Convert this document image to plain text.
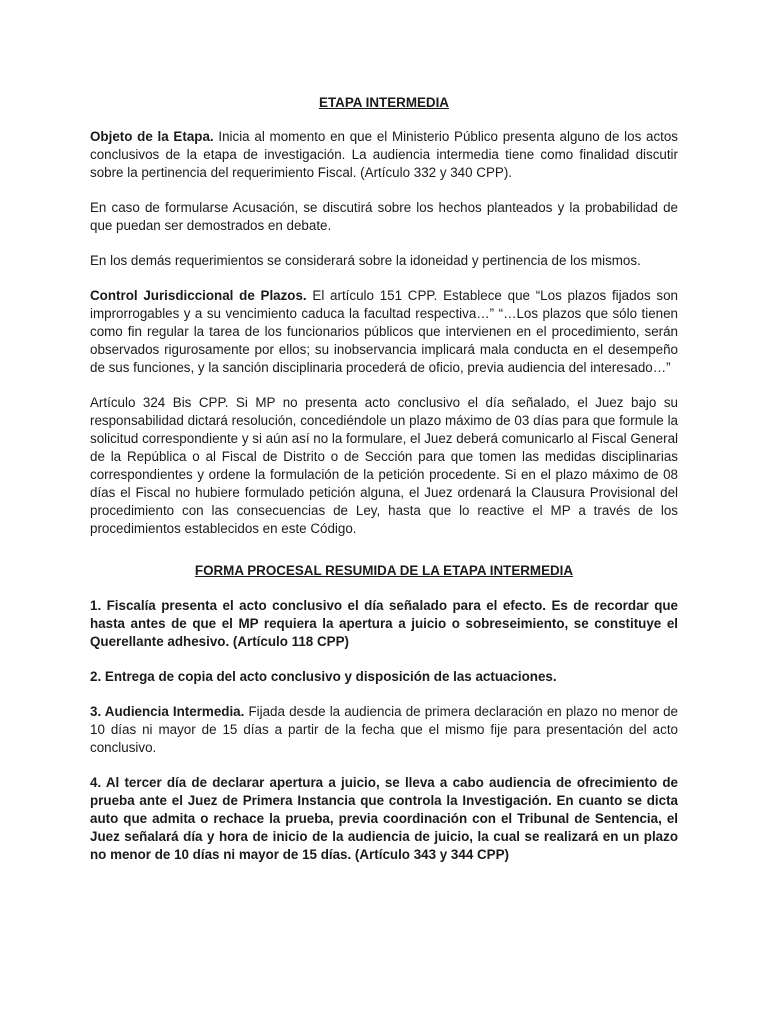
ETAPA INTERMEDIA

Objeto de la Etapa. Inicia al momento en que el Ministerio Público presenta alguno de los actos conclusivos de la etapa de investigación. La audiencia intermedia tiene como finalidad discutir sobre la pertinencia del requerimiento Fiscal. (Artículo 332 y 340 CPP).

En caso de formularse Acusación, se discutirá sobre los hechos planteados y la probabilidad de que puedan ser demostrados en debate.

En los demás requerimientos se considerará sobre la idoneidad y pertinencia de los mismos.

Control Jurisdiccional de Plazos. El artículo 151 CPP. Establece que “Los plazos fijados son improrrogables y a su vencimiento caduca la facultad respectiva…” “…Los plazos que sólo tienen como fin regular la tarea de los funcionarios públicos que intervienen en el procedimiento, serán observados rigurosamente por ellos; su inobservancia implicará mala conducta en el desempeño de sus funciones, y la sanción disciplinaria procederá de oficio, previa audiencia del interesado…”

Artículo 324 Bis CPP. Si MP no presenta acto conclusivo el día señalado, el Juez bajo su responsabilidad dictará resolución, concediéndole un plazo máximo de 03 días para que formule la solicitud correspondiente y si aún así no la formulare, el Juez deberá comunicarlo al Fiscal General de la República o al Fiscal de Distrito o de Sección para que tomen las medidas disciplinarias correspondientes y ordene la formulación de la petición procedente. Si en el plazo máximo de 08 días el Fiscal no hubiere formulado petición alguna, el Juez ordenará la Clausura Provisional del procedimiento con las consecuencias de Ley, hasta que lo reactive el MP a través de los procedimientos establecidos en este Código.

FORMA PROCESAL RESUMIDA DE LA ETAPA INTERMEDIA

1. Fiscalía presenta el acto conclusivo el día señalado para el efecto. Es de recordar que hasta antes de que el MP requiera la apertura a juicio o sobreseimiento, se constituye el Querellante adhesivo. (Artículo 118 CPP)

2. Entrega de copia del acto conclusivo y disposición de las actuaciones.

3. Audiencia Intermedia. Fijada desde la audiencia de primera declaración en plazo no menor de 10 días ni mayor de 15 días a partir de la fecha que el mismo fije para presentación del acto conclusivo.

4. Al tercer día de declarar apertura a juicio, se lleva a cabo audiencia de ofrecimiento de prueba ante el Juez de Primera Instancia que controla la Investigación. En cuanto se dicta auto que admita o rechace la prueba, previa coordinación con el Tribunal de Sentencia, el Juez señalará día y hora de inicio de la audiencia de juicio, la cual se realizará en un plazo no menor de 10 días ni mayor de 15 días. (Artículo 343 y 344 CPP)
